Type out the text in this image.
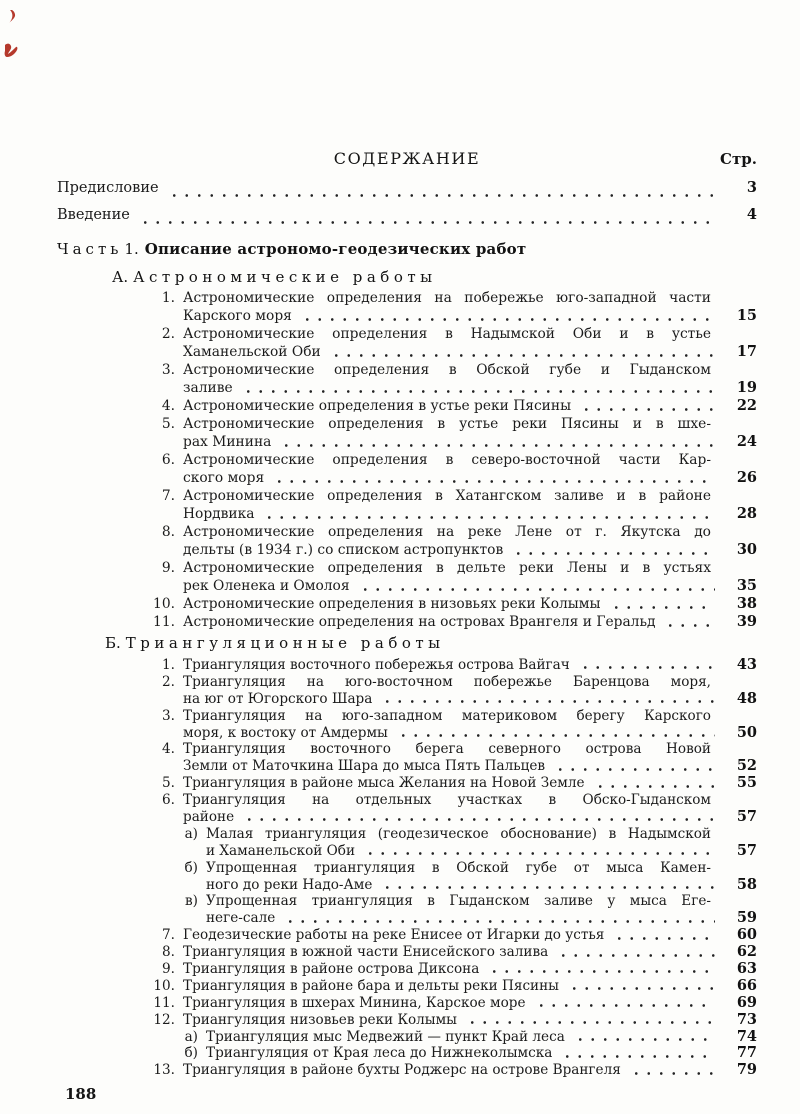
СОДЕРЖАНИЕ	Стр.
Предисловие	3
Введение	4
Часть 1. Описание астрономо-геодезических работ
А. Астрономические работы
1. Астрономические определения на побережье юго-западной части
Карского моря	15
2. Астрономические определения в Надымской Оби и в устье
Хаманельской Оби	17
3. Астрономические определения в Обской губе и Гыданском
заливе	19
4. Астрономические определения в устье реки Пясины	22
5. Астрономические определения в устье реки Пясины и в шхе-
рах Минина	24
6. Астрономические определения в северо-восточной части Кар-
ского моря	26
7. Астрономические определения в Хатангском заливе и в районе
Нордвика	28
8. Астрономические определения на реке Лене от г. Якутска до
дельты (в 1934 г.) со списком астропунктов	30
9. Астрономические определения в дельте реки Лены и в устьях
рек Оленека и Омолоя	35
10. Астрономические определения в низовьях реки Колымы	38
11. Астрономические определения на островах Врангеля и Геральд	39
Б. Триангуляционные работы
1. Триангуляция восточного побережья острова Вайгач	43
2. Триангуляция на юго-восточном побережье Баренцова моря,
на юг от Югорского Шара	48
3. Триангуляция на юго-западном материковом берегу Карского
моря, к востоку от Амдермы	50
4. Триангуляция восточного берега северного острова Новой
Земли от Маточкина Шара до мыса Пять Пальцев	52
5. Триангуляция в районе мыса Желания на Новой Земле	55
6. Триангуляция на отдельных участках в Обско-Гыданском
районе	57
а) Малая триангуляция (геодезическое обоснование) в Надымской
и Хаманельской Оби	57
б) Упрощенная триангуляция в Обской губе от мыса Камен-
ного до реки Надо-Аме	58
в) Упрощенная триангуляция в Гыданском заливе у мыса Еге-
неге-сале	59
7. Геодезические работы на реке Енисее от Игарки до устья	60
8. Триангуляция в южной части Енисейского залива	62
9. Триангуляция в районе острова Диксона	63
10. Триангуляция в районе бара и дельты реки Пясины	66
11. Триангуляция в шхерах Минина, Карское море	69
12. Триангуляция низовьев реки Колымы	73
а) Триангуляция мыс Медвежий — пункт Край леса	74
б) Триангуляция от Края леса до Нижнеколымска	77
13. Триангуляция в районе бухты Роджерс на острове Врангеля	79
188
